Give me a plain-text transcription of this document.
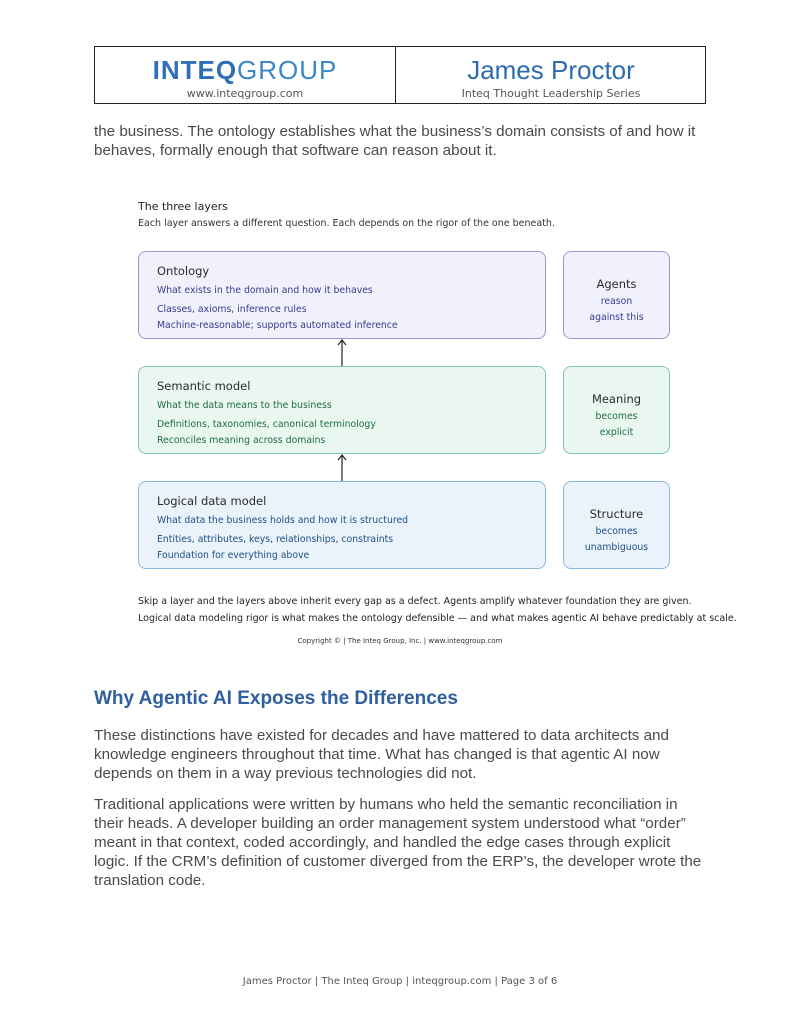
INTEQGROUP
www.inteqgroup.com
James Proctor
Inteq Thought Leadership Series

the business. The ontology establishes what the business’s domain consists of and how it behaves, formally enough that software can reason about it.

The three layers
Each layer answers a different question. Each depends on the rigor of the one beneath.
Ontology
What exists in the domain and how it behaves
Classes, axioms, inference rules
Machine-reasonable; supports automated inference
Agents
reason
against this
Semantic model
What the data means to the business
Definitions, taxonomies, canonical terminology
Reconciles meaning across domains
Meaning
becomes
explicit
Logical data model
What data the business holds and how it is structured
Entities, attributes, keys, relationships, constraints
Foundation for everything above
Structure
becomes
unambiguous
Skip a layer and the layers above inherit every gap as a defect. Agents amplify whatever foundation they are given.
Logical data modeling rigor is what makes the ontology defensible — and what makes agentic AI behave predictably at scale.
Copyright © | The Inteq Group, Inc. | www.inteqgroup.com
Why Agentic AI Exposes the Differences

These distinctions have existed for decades and have mattered to data architects and knowledge engineers throughout that time. What has changed is that agentic AI now depends on them in a way previous technologies did not.

Traditional applications were written by humans who held the semantic reconciliation in their heads. A developer building an order management system understood what “order” meant in that context, coded accordingly, and handled the edge cases through explicit logic. If the CRM’s definition of customer diverged from the ERP’s, the developer wrote the translation code.

James Proctor | The Inteq Group | inteqgroup.com | Page 3 of 6
